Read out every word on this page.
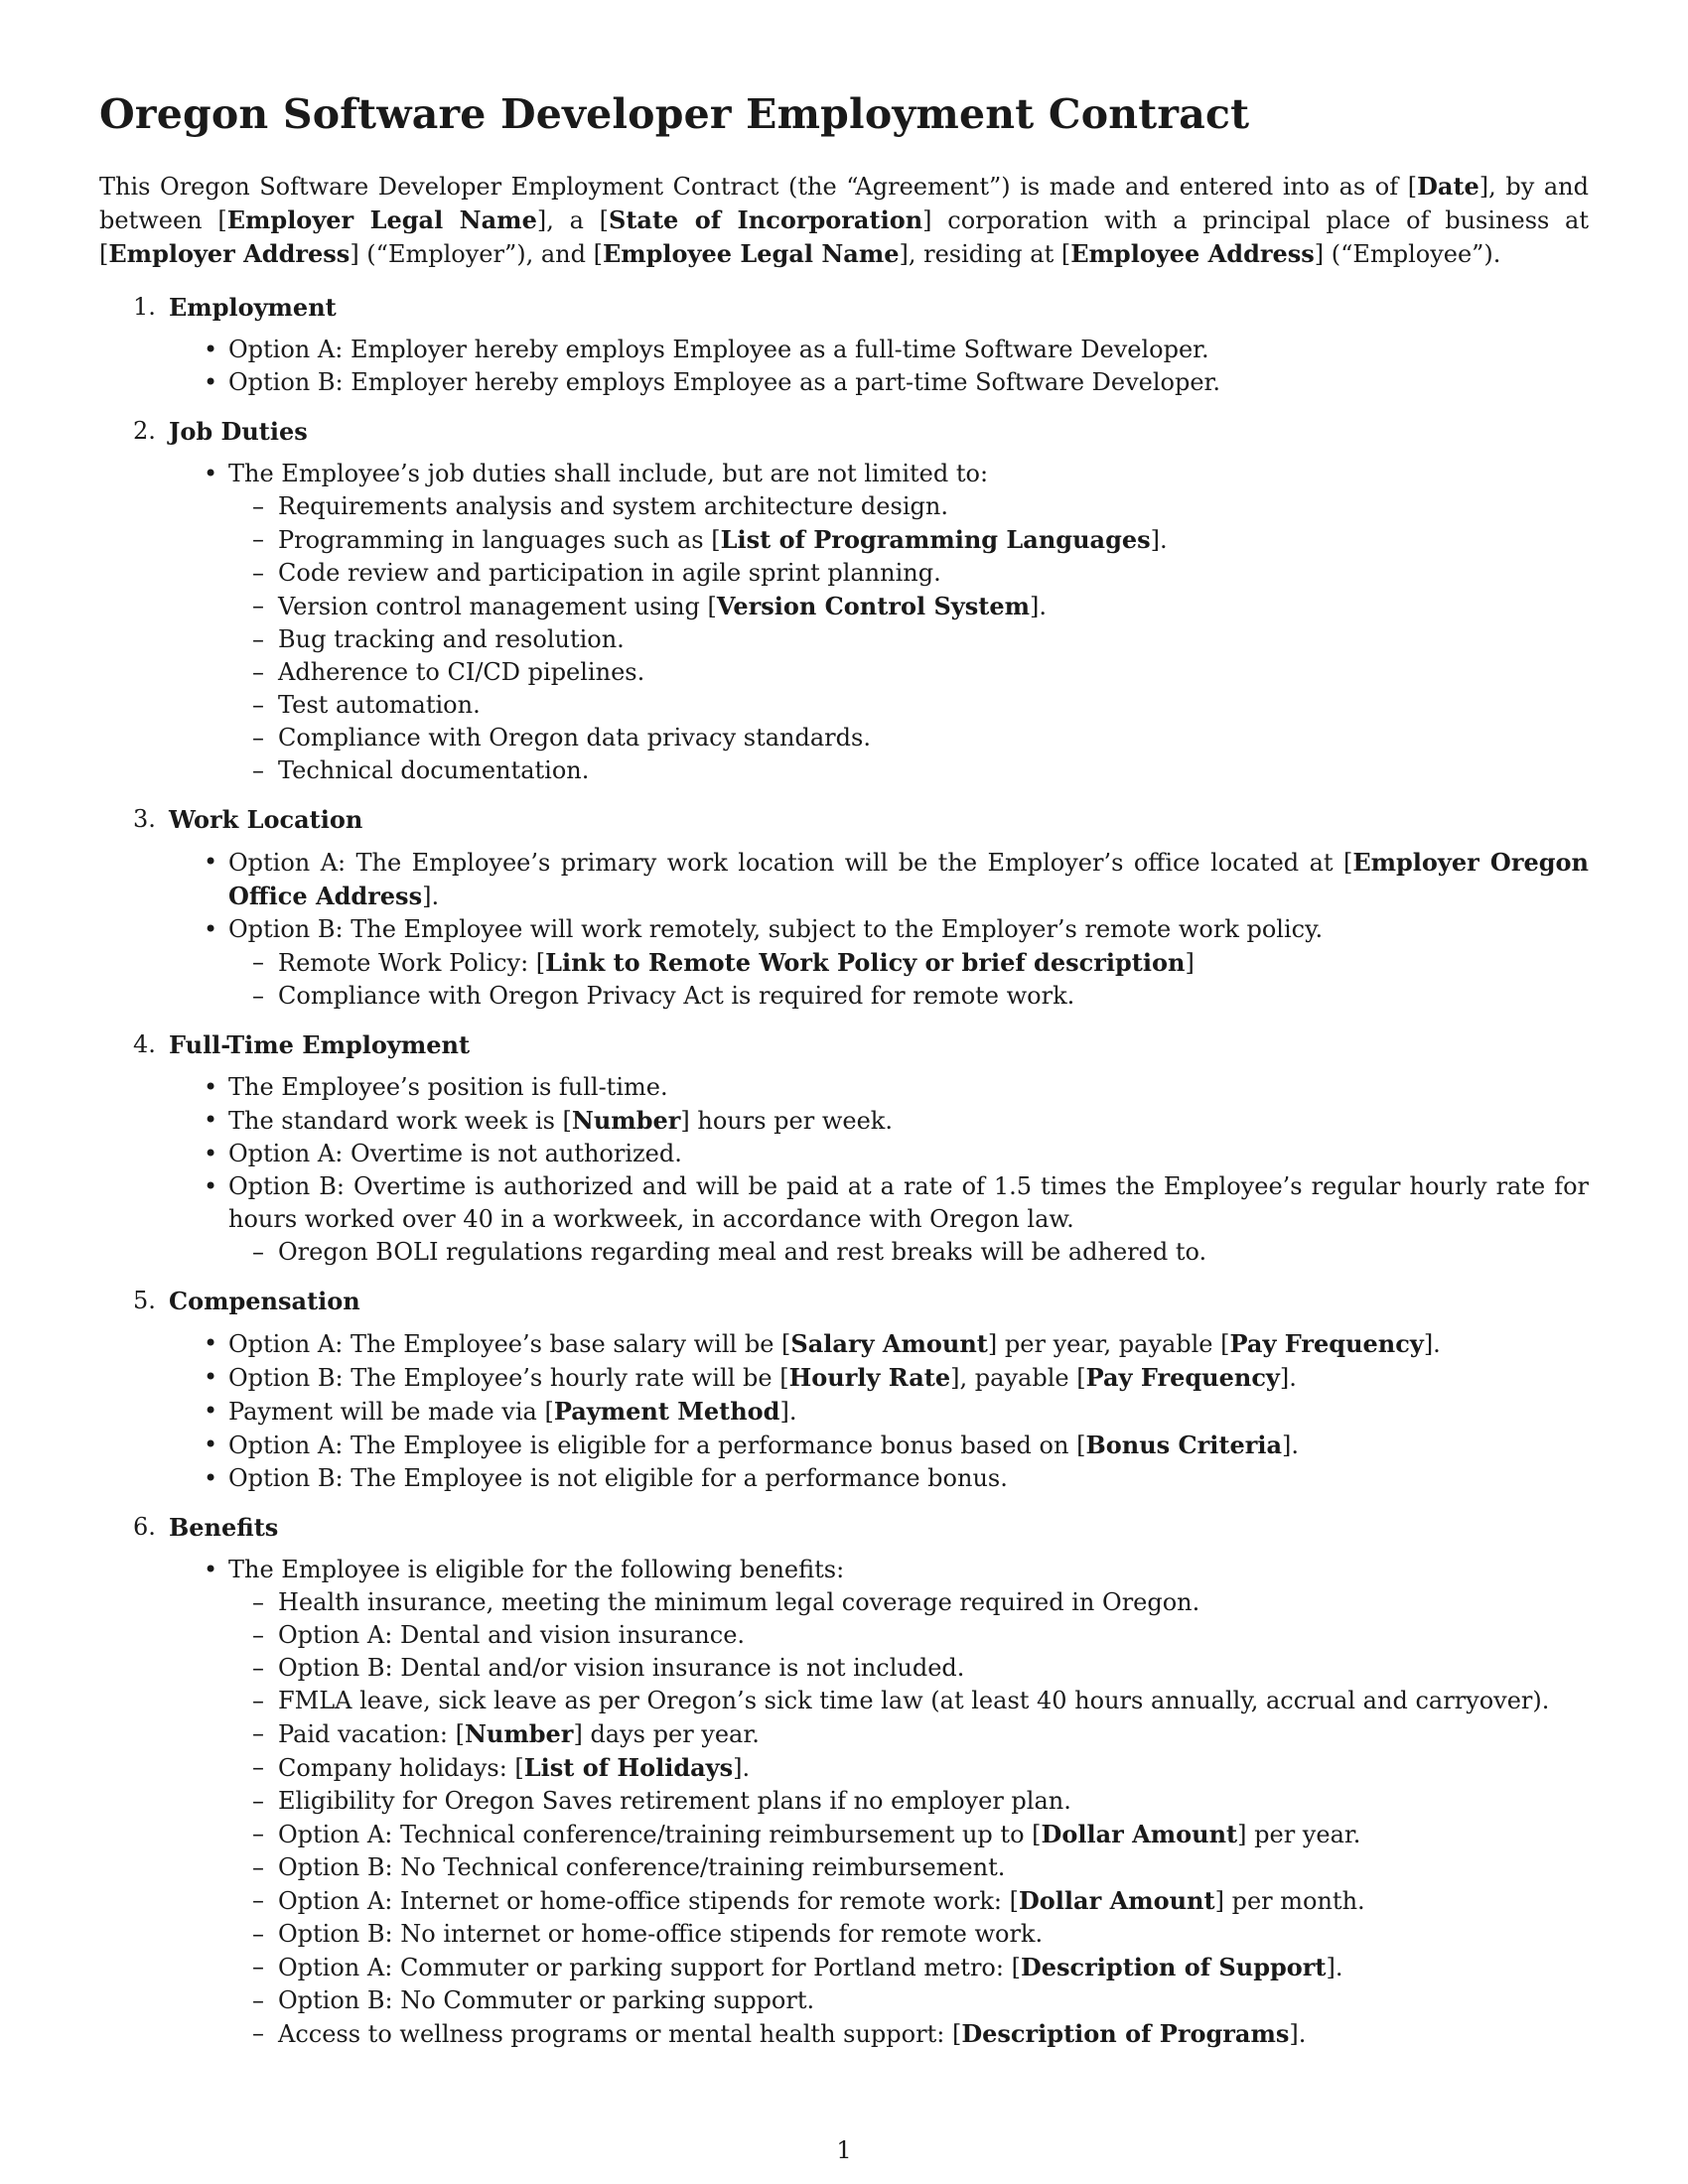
Oregon Software Developer Employment Contract

This Oregon Software Developer Employment Contract (the “Agreement”) is made and entered into as of [Date], by and between [Employer Legal Name], a [State of Incorporation] corporation with a principal place of business at [Employer Address] (“Employer”), and [Employee Legal Name], residing at [Employee Address] (“Employee”).

1. Employment
• Option A: Employer hereby employs Employee as a full-time Software Developer.
• Option B: Employer hereby employs Employee as a part-time Software Developer.
2. Job Duties
• The Employee’s job duties shall include, but are not limited to:
– Requirements analysis and system architecture design.
– Programming in languages such as [List of Programming Languages].
– Code review and participation in agile sprint planning.
– Version control management using [Version Control System].
– Bug tracking and resolution.
– Adherence to CI/CD pipelines.
– Test automation.
– Compliance with Oregon data privacy standards.
– Technical documentation.
3. Work Location
• Option A: The Employee’s primary work location will be the Employer’s office located at [Employer Oregon Office Address].
• Option B: The Employee will work remotely, subject to the Employer’s remote work policy.
– Remote Work Policy: [Link to Remote Work Policy or brief description]
– Compliance with Oregon Privacy Act is required for remote work.
4. Full-Time Employment
• The Employee’s position is full-time.
• The standard work week is [Number] hours per week.
• Option A: Overtime is not authorized.
• Option B: Overtime is authorized and will be paid at a rate of 1.5 times the Employee’s regular hourly rate for hours worked over 40 in a workweek, in accordance with Oregon law.
– Oregon BOLI regulations regarding meal and rest breaks will be adhered to.
5. Compensation
• Option A: The Employee’s base salary will be [Salary Amount] per year, payable [Pay Frequency].
• Option B: The Employee’s hourly rate will be [Hourly Rate], payable [Pay Frequency].
• Payment will be made via [Payment Method].
• Option A: The Employee is eligible for a performance bonus based on [Bonus Criteria].
• Option B: The Employee is not eligible for a performance bonus.
6. Benefits
• The Employee is eligible for the following benefits:
– Health insurance, meeting the minimum legal coverage required in Oregon.
– Option A: Dental and vision insurance.
– Option B: Dental and/or vision insurance is not included.
– FMLA leave, sick leave as per Oregon’s sick time law (at least 40 hours annually, accrual and carryover).
– Paid vacation: [Number] days per year.
– Company holidays: [List of Holidays].
– Eligibility for Oregon Saves retirement plans if no employer plan.
– Option A: Technical conference/training reimbursement up to [Dollar Amount] per year.
– Option B: No Technical conference/training reimbursement.
– Option A: Internet or home-office stipends for remote work: [Dollar Amount] per month.
– Option B: No internet or home-office stipends for remote work.
– Option A: Commuter or parking support for Portland metro: [Description of Support].
– Option B: No Commuter or parking support.
– Access to wellness programs or mental health support: [Description of Programs].
1
